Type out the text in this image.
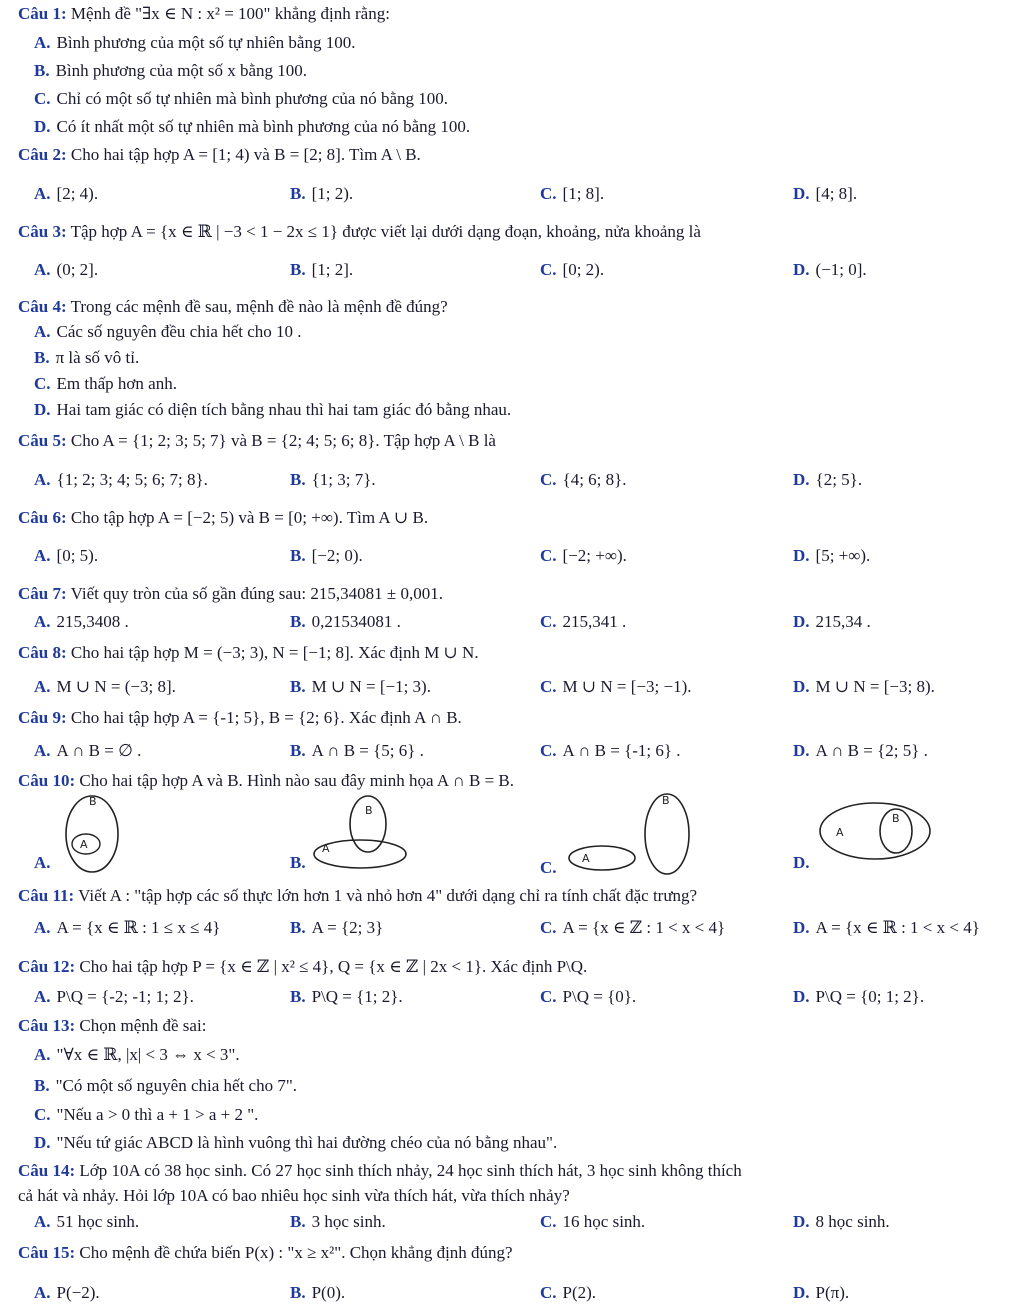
Câu 1: Mệnh đề "∃x ∈ N : x² = 100" khẳng định rằng:
A. Bình phương của một số tự nhiên bằng 100.
B. Bình phương của một số x bằng 100.
C. Chỉ có một số tự nhiên mà bình phương của nó bằng 100.
D. Có ít nhất một số tự nhiên mà bình phương của nó bằng 100.
Câu 2: Cho hai tập hợp A = [1; 4) và B = [2; 8]. Tìm A \ B.
A. [2; 4).	B. [1; 2).	C. [1; 8].	D. [4; 8].
Câu 3: Tập hợp A = {x ∈ ℝ | −3 < 1 − 2x ≤ 1} được viết lại dưới dạng đoạn, khoảng, nửa khoảng là
A. (0; 2].	B. [1; 2].	C. [0; 2).	D. (−1; 0].
Câu 4: Trong các mệnh đề sau, mệnh đề nào là mệnh đề đúng?
A. Các số nguyên đều chia hết cho 10 .
B. π là số vô tỉ.
C. Em thấp hơn anh.
D. Hai tam giác có diện tích bằng nhau thì hai tam giác đó bằng nhau.
Câu 5: Cho A = {1; 2; 3; 5; 7} và B = {2; 4; 5; 6; 8}. Tập hợp A \ B là
A. {1; 2; 3; 4; 5; 6; 7; 8}.	B. {1; 3; 7}.	C. {4; 6; 8}.	D. {2; 5}.
Câu 6: Cho tập hợp A = [−2; 5) và B = [0; +∞). Tìm A ∪ B.
A. [0; 5).	B. [−2; 0).	C. [−2; +∞).	D. [5; +∞).
Câu 7: Viết quy tròn của số gần đúng sau: 215,34081 ± 0,001.
A. 215,3408 .	B. 0,21534081 .	C. 215,341 .	D. 215,34 .
Câu 8: Cho hai tập hợp M = (−3; 3), N = [−1; 8]. Xác định M ∪ N.
A. M ∪ N = (−3; 8].	B. M ∪ N = [−1; 3).	C. M ∪ N = [−3; −1).	D. M ∪ N = [−3; 8).
Câu 9: Cho hai tập hợp A = {-1; 5}, B = {2; 6}. Xác định A ∩ B.
A. A ∩ B = ∅ .	B. A ∩ B = {5; 6} .	C. A ∩ B = {-1; 6} .	D. A ∩ B = {2; 5} .
Câu 10: Cho hai tập hợp A và B. Hình nào sau đây minh họa A ∩ B = B.
A.
B
A
B.
B
A
C.
B
A	D.
A
B
Câu 11: Viết A : "tập hợp các số thực lớn hơn 1 và nhỏ hơn 4" dưới dạng chỉ ra tính chất đặc trưng?
A. A = {x ∈ ℝ : 1 ≤ x ≤ 4}	B. A = {2; 3}	C. A = {x ∈ ℤ : 1 < x < 4}	D. A = {x ∈ ℝ : 1 < x < 4}
Câu 12: Cho hai tập hợp P = {x ∈ ℤ | x² ≤ 4}, Q = {x ∈ ℤ | 2x < 1}. Xác định P\Q.
A. P\Q = {-2; -1; 1; 2}.	B. P\Q = {1; 2}.	C. P\Q = {0}.	D. P\Q = {0; 1; 2}.
Câu 13: Chọn mệnh đề sai:
A. "∀x ∈ ℝ, |x| < 3 ⇔ x < 3".
B. "Có một số nguyên chia hết cho 7".
C. "Nếu a > 0 thì a + 1 > a + 2 ".
D. "Nếu tứ giác ABCD là hình vuông thì hai đường chéo của nó bằng nhau".
Câu 14: Lớp 10A có 38 học sinh. Có 27 học sinh thích nhảy, 24 học sinh thích hát, 3 học sinh không thích
cả hát và nhảy. Hỏi lớp 10A có bao nhiêu học sinh vừa thích hát, vừa thích nhảy?
A. 51 học sinh.	B. 3 học sinh.	C. 16 học sinh.	D. 8 học sinh.
Câu 15: Cho mệnh đề chứa biến P(x) : "x ≥ x²". Chọn khẳng định đúng?
A. P(−2).	B. P(0).	C. P(2).	D. P(π).
